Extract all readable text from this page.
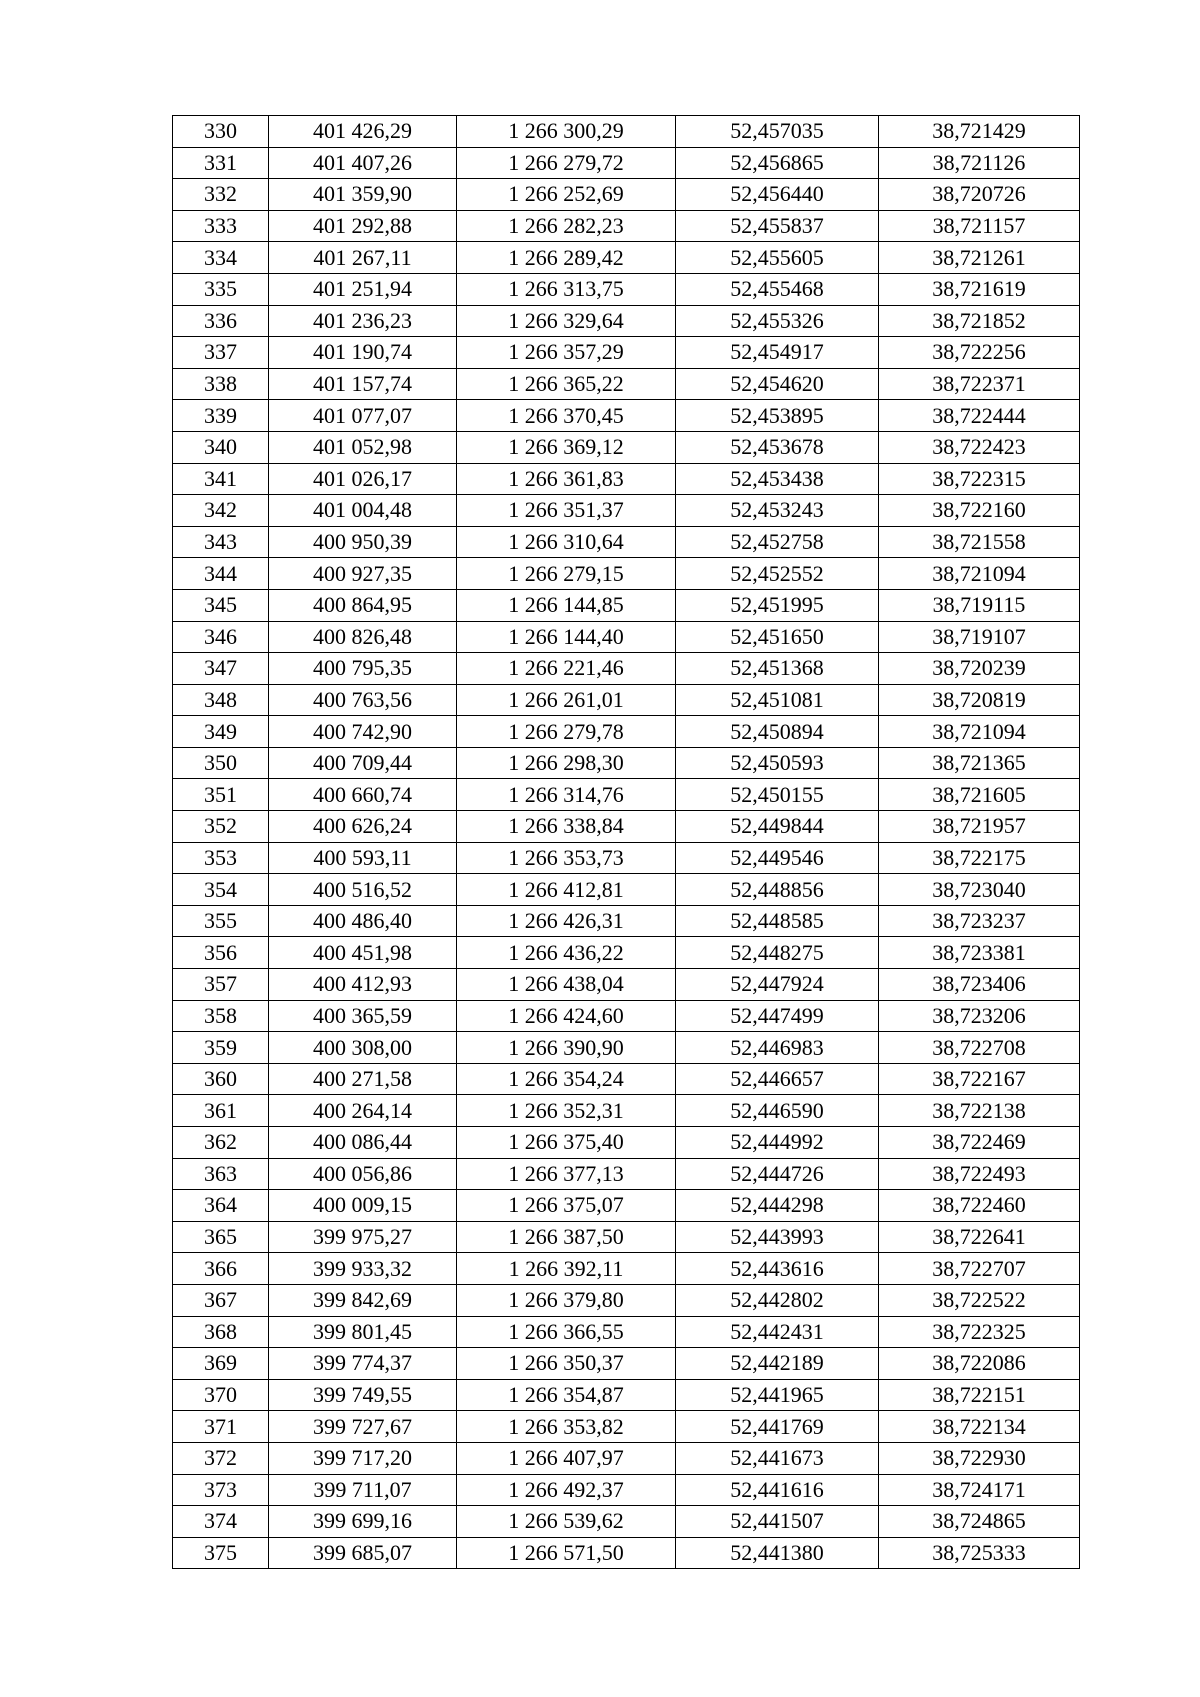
330	401 426,29	1 266 300,29	52,457035	38,721429
331	401 407,26	1 266 279,72	52,456865	38,721126
332	401 359,90	1 266 252,69	52,456440	38,720726
333	401 292,88	1 266 282,23	52,455837	38,721157
334	401 267,11	1 266 289,42	52,455605	38,721261
335	401 251,94	1 266 313,75	52,455468	38,721619
336	401 236,23	1 266 329,64	52,455326	38,721852
337	401 190,74	1 266 357,29	52,454917	38,722256
338	401 157,74	1 266 365,22	52,454620	38,722371
339	401 077,07	1 266 370,45	52,453895	38,722444
340	401 052,98	1 266 369,12	52,453678	38,722423
341	401 026,17	1 266 361,83	52,453438	38,722315
342	401 004,48	1 266 351,37	52,453243	38,722160
343	400 950,39	1 266 310,64	52,452758	38,721558
344	400 927,35	1 266 279,15	52,452552	38,721094
345	400 864,95	1 266 144,85	52,451995	38,719115
346	400 826,48	1 266 144,40	52,451650	38,719107
347	400 795,35	1 266 221,46	52,451368	38,720239
348	400 763,56	1 266 261,01	52,451081	38,720819
349	400 742,90	1 266 279,78	52,450894	38,721094
350	400 709,44	1 266 298,30	52,450593	38,721365
351	400 660,74	1 266 314,76	52,450155	38,721605
352	400 626,24	1 266 338,84	52,449844	38,721957
353	400 593,11	1 266 353,73	52,449546	38,722175
354	400 516,52	1 266 412,81	52,448856	38,723040
355	400 486,40	1 266 426,31	52,448585	38,723237
356	400 451,98	1 266 436,22	52,448275	38,723381
357	400 412,93	1 266 438,04	52,447924	38,723406
358	400 365,59	1 266 424,60	52,447499	38,723206
359	400 308,00	1 266 390,90	52,446983	38,722708
360	400 271,58	1 266 354,24	52,446657	38,722167
361	400 264,14	1 266 352,31	52,446590	38,722138
362	400 086,44	1 266 375,40	52,444992	38,722469
363	400 056,86	1 266 377,13	52,444726	38,722493
364	400 009,15	1 266 375,07	52,444298	38,722460
365	399 975,27	1 266 387,50	52,443993	38,722641
366	399 933,32	1 266 392,11	52,443616	38,722707
367	399 842,69	1 266 379,80	52,442802	38,722522
368	399 801,45	1 266 366,55	52,442431	38,722325
369	399 774,37	1 266 350,37	52,442189	38,722086
370	399 749,55	1 266 354,87	52,441965	38,722151
371	399 727,67	1 266 353,82	52,441769	38,722134
372	399 717,20	1 266 407,97	52,441673	38,722930
373	399 711,07	1 266 492,37	52,441616	38,724171
374	399 699,16	1 266 539,62	52,441507	38,724865
375	399 685,07	1 266 571,50	52,441380	38,725333
